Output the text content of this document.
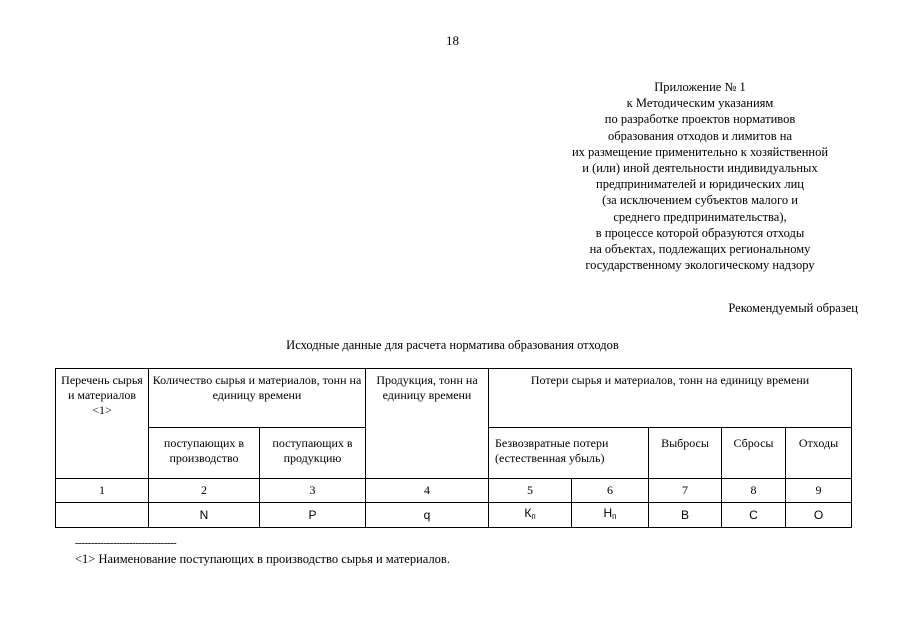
18
Приложение № 1
к Методическим указаниям
по разработке проектов нормативов
образования отходов и лимитов на
их размещение применительно к хозяйственной
и (или) иной деятельности индивидуальных
предпринимателей и юридических лиц
(за исключением субъектов малого и
среднего предпринимательства),
в процессе которой образуются отходы
на объектах, подлежащих региональному
государственному экологическому надзору
Рекомендуемый образец
Исходные данные для расчета норматива образования отходов
Перечень сырья и материалов <1>	Количество сырья и материалов, тонн на единицу времени		Продукция, тонн на единицу времени	Потери сырья и материалов, тонн на единицу времени				
	поступающих в производство	поступающих в продукцию		Безвозвратные потери (естественная убыль)		Выбросы	Сбросы	Отходы
1	2	3	4	5	6	7	8	9
	N	P	q	$К_п$	$Н_п$	В	С	О
--------------------------------
<1> Наименование поступающих в производство сырья и материалов.
